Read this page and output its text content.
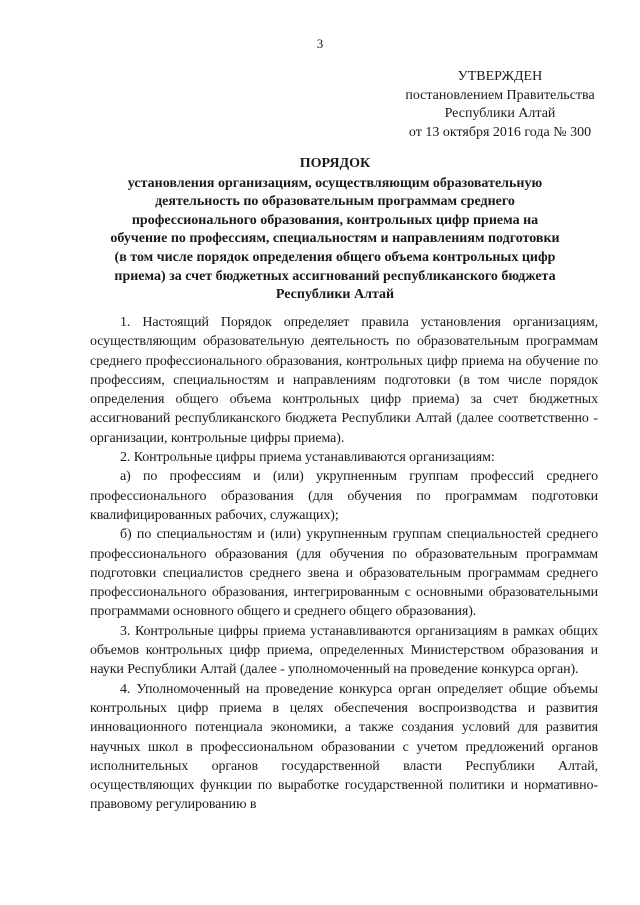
3
УТВЕРЖДЕН
постановлением Правительства
Республики Алтай
от 13 октября 2016 года № 300
ПОРЯДОК
установления организациям, осуществляющим образовательную
деятельность по образовательным программам среднего
профессионального образования, контрольных цифр приема на
обучение по профессиям, специальностям и направлениям подготовки
(в том числе порядок определения общего объема контрольных цифр
приема) за счет бюджетных ассигнований республиканского бюджета
Республики Алтай

1. Настоящий Порядок определяет правила установления организациям, осуществляющим образовательную деятельность по образовательным программам среднего профессионального образования, контрольных цифр приема на обучение по профессиям, специальностям и направлениям подготовки (в том числе порядок определения общего объема контрольных цифр приема) за счет бюджетных ассигнований республиканского бюджета Республики Алтай (далее соответственно - организации, контрольные цифры приема).

2. Контрольные цифры приема устанавливаются организациям:

а) по профессиям и (или) укрупненным группам профессий среднего профессионального образования (для обучения по программам подготовки квалифицированных рабочих, служащих);

б) по специальностям и (или) укрупненным группам специальностей среднего профессионального образования (для обучения по образовательным программам подготовки специалистов среднего звена и образовательным программам среднего профессионального образования, интегрированным с основными образовательными программами основного общего и среднего общего образования).

3. Контрольные цифры приема устанавливаются организациям в рамках общих объемов контрольных цифр приема, определенных Министерством образования и науки Республики Алтай (далее - уполномоченный на проведение конкурса орган).

4. Уполномоченный на проведение конкурса орган определяет общие объемы контрольных цифр приема в целях обеспечения воспроизводства и развития инновационного потенциала экономики, а также создания условий для развития научных школ в профессиональном образовании с учетом предложений органов исполнительных органов государственной власти Республики Алтай, осуществляющих функции по выработке государственной политики и нормативно-правовому регулированию в
